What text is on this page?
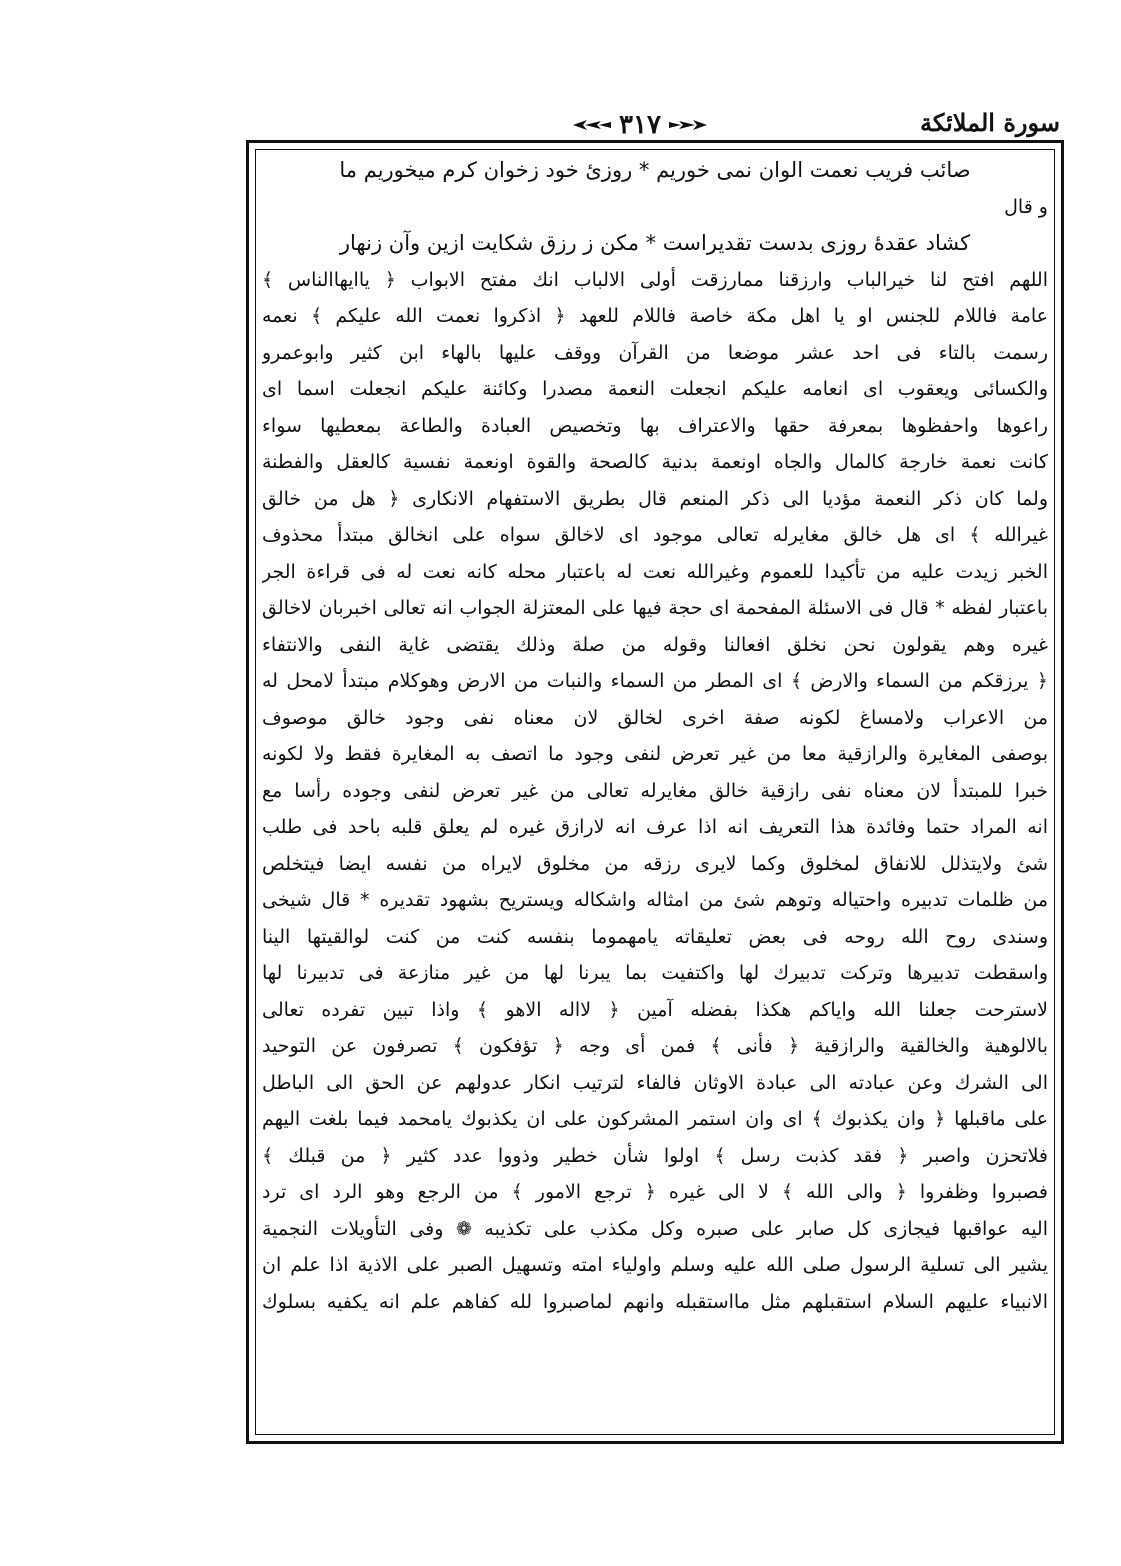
٣١٧	سورة الملائكة
صائب فريب نعمت الوان نمى خوريم * روزئ خود زخوان كرم ميخوريم ما
و قال
كشاد عقدهٔ روزى بدست تقديراست * مكن ز رزق شكايت ازين وآن زنهار
اللهم افتح لنا خيرالباب وارزقنا ممارزقت أولى الالباب انك مفتح الابواب ﴿ ياايهاالناس ﴾
عامة فاللام للجنس او يا اهل مكة خاصة فاللام للعهد ﴿ اذكروا نعمت الله عليكم ﴾ نعمه
رسمت بالتاء فى احد عشر موضعا من القرآن ووقف عليها بالهاء ابن كثير وابوعمرو
والكسائى ويعقوب اى انعامه عليكم انجعلت النعمة مصدرا وكائنة عليكم انجعلت اسما اى
راعوها واحفظوها بمعرفة حقها والاعتراف بها وتخصيص العبادة والطاعة بمعطيها سواء
كانت نعمة خارجة كالمال والجاه اونعمة بدنية كالصحة والقوة اونعمة نفسية كالعقل والفطنة
ولما كان ذكر النعمة مؤديا الى ذكر المنعم قال بطريق الاستفهام الانكارى ﴿ هل من خالق
غيرالله ﴾ اى هل خالق مغايرله تعالى موجود اى لاخالق سواه على انخالق مبتدأ محذوف
الخبر زيدت عليه من تأكيدا للعموم وغيرالله نعت له باعتبار محله كانه نعت له فى قراءة الجر
باعتبار لفظه * قال فى الاسئلة المفحمة اى حجة فيها على المعتزلة الجواب انه تعالى اخبربان لاخالق
غيره وهم يقولون نحن نخلق افعالنا وقوله من صلة وذلك يقتضى غاية النفى والانتفاء
﴿ يرزقكم من السماء والارض ﴾ اى المطر من السماء والنبات من الارض وهوكلام مبتدأ لامحل له
من الاعراب ولامساغ لكونه صفة اخرى لخالق لان معناه نفى وجود خالق موصوف
بوصفى المغايرة والرازقية معا من غير تعرض لنفى وجود ما اتصف به المغايرة فقط ولا لكونه
خبرا للمبتدأ لان معناه نفى رازقية خالق مغايرله تعالى من غير تعرض لنفى وجوده رأسا مع
انه المراد حتما وفائدة هذا التعريف انه اذا عرف انه لارازق غيره لم يعلق قلبه باحد فى طلب
شئ ولايتذلل للانفاق لمخلوق وكما لايرى رزقه من مخلوق لايراه من نفسه ايضا فيتخلص
من ظلمات تدبيره واحتياله وتوهم شئ من امثاله واشكاله ويستريح بشهود تقديره * قال شيخى
وسندى روح الله روحه فى بعض تعليقاته يامهموما بنفسه كنت من كنت لوالقيتها الينا
واسقطت تدبيرها وتركت تدبيرك لها واكتفيت بما يبرنا لها من غير منازعة فى تدبيرنا لها
لاسترحت جعلنا الله واياكم هكذا بفضله آمين ﴿ لااله الاهو ﴾ واذا تبين تفرده تعالى
بالالوهية والخالقية والرازقية ﴿ فأنى ﴾ فمن أى وجه ﴿ تؤفكون ﴾ تصرفون عن التوحيد
الى الشرك وعن عبادته الى عبادة الاوثان فالفاء لترتيب انكار عدولهم عن الحق الى الباطل
على ماقبلها ﴿ وان يكذبوك ﴾ اى وان استمر المشركون على ان يكذبوك يامحمد فيما بلغت اليهم
فلاتحزن واصبر ﴿ فقد كذبت رسل ﴾ اولوا شأن خطير وذووا عدد كثير ﴿ من قبلك ﴾
فصبروا وظفروا ﴿ والى الله ﴾ لا الى غيره ﴿ ترجع الامور ﴾ من الرجع وهو الرد اى ترد
اليه عواقبها فيجازى كل صابر على صبره وكل مكذب على تكذيبه ❁ وفى التأويلات النجمية
يشير الى تسلية الرسول صلى الله عليه وسلم واولياء امته وتسهيل الصبر على الاذية اذا علم ان
الانبياء عليهم السلام استقبلهم مثل مااستقبله وانهم لماصبروا لله كفاهم علم انه يكفيه بسلوك
